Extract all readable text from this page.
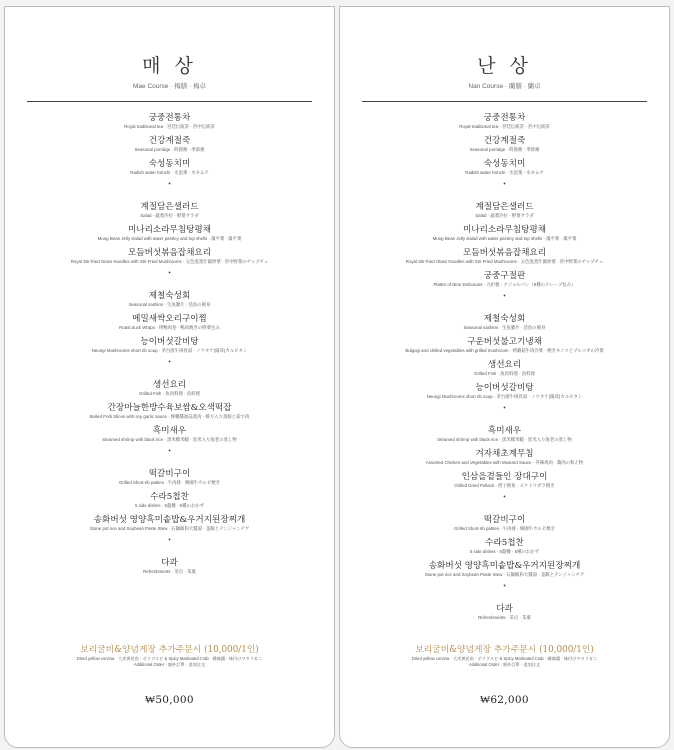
매 상
Mae Course · 梅膳 · 梅卓
궁중전통차
Royal traditional tea · 宮廷伝統茶 · 宮中伝統茶
건강계절죽
Seasonal porridge · 時節粥 · 季節粥
숙성동치미
Radish water Kimchi · 水泡菜 · 水キムチ
•
계절담은샐러드
Salad · 蔬菜沙拉 · 野菜サラダ
미나리소라무침탕평채
Mung Bean Jelly Salad with water parsley and top shells · 蕩平菜 · 蕩平菜
모듬버섯볶음잡채요리
Royal Stir-fried Glass Noodles with Stir Fried Mushrooms · 五色混蒸什錦炒菜 · 宮中野菜のチャプチェ
•
제철숙성회
Seasonal sashimi · 生魚膾片 · 活魚の刺身
메밀새싹오리구이찜
Roast duck Wraps · 烤鴨肉卷 · 鴨肉焼きの野菜包み
능이버섯갈비탕
Neungi Mushrooms short rib soup · 茅台菌牛排骨湯 · ノウタケ(陽茸)カルビタン
•
생선요리
Grilled Fish · 魚肉料理 · 魚料理
간장마늘한방수육보쌈&오색떡잡
Boiled Pork Slices with soy garlic sauce · 韓藥醬油蒜蒸肉 · 韓方入り蒸豚と茹で肉
흑미새우
Steamed shrimp with black rice · 黑米糯米蝦 · 黒米入り海老の蒸し物
•
떡갈비구이
Grilled Short-rib patties · 牛肉排 · 韓國牛カルビ焼き
수라5첩찬
5 side dishes · 5盤餐 · 5種のおかず
송화버섯 영양흑미솥밥&우거지된장찌개
Stone pot rice and Soybean Paste Stew · 石鍋飯和大醬湯 · 釜飯とテンジャンチゲ
•
다과
Refreshments · 茶点 · 茶菓
보리굴비&양념게장 추가주문시 (10,000/1인)
Dried yellow corvina · 大麦黄花鱼 · ボリグルビ & Spicy Marinated Crab · 韓辣醬 · 味付けワタリガニ
Additional Order · 額外訂單 · 追加注文
₩50,000
난 상
Nan Course · 蘭膳 · 蘭卓
궁중전통차
Royal traditional tea · 宮廷伝統茶 · 宮中伝統茶
건강계절죽
Seasonal porridge · 時節粥 · 季節粥
숙성동치미
Radish water Kimchi · 水泡菜 · 水キムチ
•
계절담은샐러드
Salad · 蔬菜沙拉 · 野菜サラダ
미나리소라무침탕평채
Mung Bean Jelly Salad with water parsley and top shells · 蕩平菜 · 蕩平菜
모듬버섯볶음잡채요리
Royal Stir-fried Glass Noodles with Stir Fried Mushrooms · 五色混蒸什錦炒菜 · 宮中野菜のチャプチェ
궁중구절판
Platter of Nine Delicacies · 九折板 · クジョルパン（9種のクレープ包み）
•
제철숙성회
Seasonal sashimi · 生魚膾片 · 活魚の刺身
구운버섯불고기냉채
Bulgogi and chilled vegetables with grilled mushroom · 烤蘑菇牛肉冷菜 · 焼きキノコとプルコギの冷菜
생선요리
Grilled Fish · 魚肉料理 · 魚料理
능이버섯갈비탕
Neungi Mushrooms short rib soup · 茅台菌牛排骨湯 · ノウタケ(陽茸)カルビタン
•
흑미새우
Steamed shrimp with black rice · 黑米糯米蝦 · 黒米入り海老の蒸し物
겨자채초계무침
Assorted Chicken and Vegetables with Mustard Sauce · 芥辣鸡肉 · 鶏肉の和え物
인삼을곁들인 장대구이
Grilled Dried Pollack · 烤干鳕鱼 · スケトウダラ焼き
•
떡갈비구이
Grilled Short-rib patties · 牛肉排 · 韓國牛カルビ焼き
수라5첩찬
5 side dishes · 5盤餐 · 5種のおかず
송화버섯 영양흑미솥밥&우거지된장찌개
Stone pot rice and Soybean Paste Stew · 石鍋飯和大醬湯 · 釜飯とテンジャンチゲ
•
다과
Refreshments · 茶点 · 茶菓
보리굴비&양념게장 추가주문시 (10,000/1인)
Dried yellow corvina · 大麦黄花鱼 · ボリグルビ & Spicy Marinated Crab · 韓辣醬 · 味付けワタリガニ
Additional Order · 額外訂單 · 追加注文
₩62,000
